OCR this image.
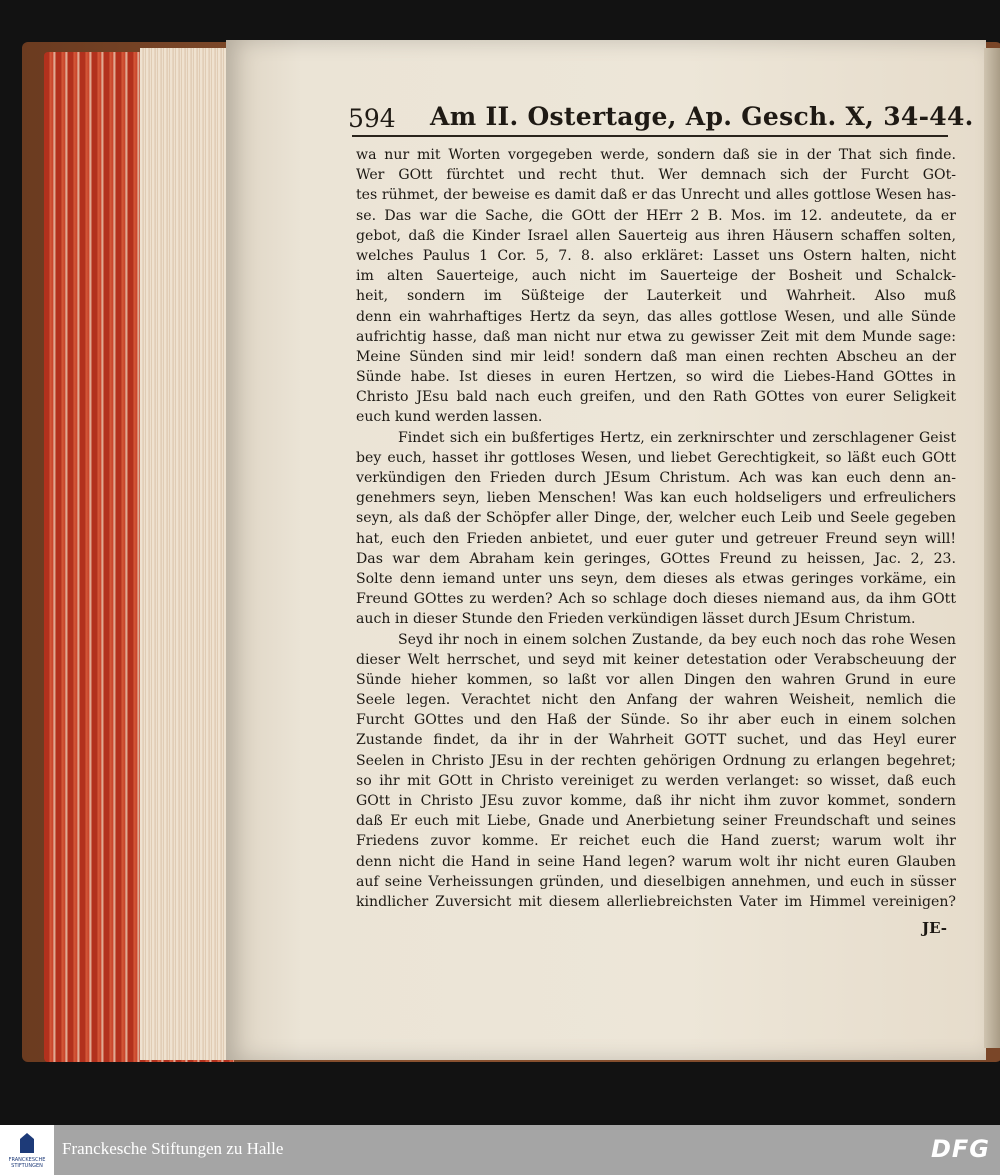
594 Am II. Ostertage, Ap. Gesch. X, 34-44.
wa nur mit Worten vorgegeben werde, sondern daß sie in der That sich finde.
Wer GOtt fürchtet und recht thut. Wer demnach sich der Furcht GOt-
tes rühmet, der beweise es damit daß er das Unrecht und alles gottlose Wesen has-
se. Das war die Sache, die GOtt der HErr 2 B. Mos. im 12. andeutete, da er
gebot, daß die Kinder Israel allen Sauerteig aus ihren Häusern schaffen solten,
welches Paulus 1 Cor. 5, 7. 8. also erkläret: Lasset uns Ostern halten, nicht
im alten Sauerteige, auch nicht im Sauerteige der Bosheit und Schalck-
heit, sondern im Süßteige der Lauterkeit und Wahrheit. Also muß
denn ein wahrhaftiges Hertz da seyn, das alles gottlose Wesen, und alle Sünde
aufrichtig hasse, daß man nicht nur etwa zu gewisser Zeit mit dem Munde sage:
Meine Sünden sind mir leid! sondern daß man einen rechten Abscheu an der
Sünde habe. Ist dieses in euren Hertzen, so wird die Liebes-Hand GOttes in
Christo JEsu bald nach euch greifen, und den Rath GOttes von eurer Seligkeit
euch kund werden lassen.
Findet sich ein bußfertiges Hertz, ein zerknirschter und zerschlagener Geist
bey euch, hasset ihr gottloses Wesen, und liebet Gerechtigkeit, so läßt euch GOtt
verkündigen den Frieden durch JEsum Christum. Ach was kan euch denn an-
genehmers seyn, lieben Menschen! Was kan euch holdseligers und erfreulichers
seyn, als daß der Schöpfer aller Dinge, der, welcher euch Leib und Seele gegeben
hat, euch den Frieden anbietet, und euer guter und getreuer Freund seyn will!
Das war dem Abraham kein geringes, GOttes Freund zu heissen, Jac. 2, 23.
Solte denn iemand unter uns seyn, dem dieses als etwas geringes vorkäme, ein
Freund GOttes zu werden? Ach so schlage doch dieses niemand aus, da ihm GOtt
auch in dieser Stunde den Frieden verkündigen lässet durch JEsum Christum.
Seyd ihr noch in einem solchen Zustande, da bey euch noch das rohe Wesen
dieser Welt herrschet, und seyd mit keiner detestation oder Verabscheuung der
Sünde hieher kommen, so laßt vor allen Dingen den wahren Grund in eure
Seele legen. Verachtet nicht den Anfang der wahren Weisheit, nemlich die
Furcht GOttes und den Haß der Sünde. So ihr aber euch in einem solchen
Zustande findet, da ihr in der Wahrheit GOTT suchet, und das Heyl eurer
Seelen in Christo JEsu in der rechten gehörigen Ordnung zu erlangen begehret;
so ihr mit GOtt in Christo vereiniget zu werden verlanget: so wisset, daß euch
GOtt in Christo JEsu zuvor komme, daß ihr nicht ihm zuvor kommet, sondern
daß Er euch mit Liebe, Gnade und Anerbietung seiner Freundschaft und seines
Friedens zuvor komme. Er reichet euch die Hand zuerst; warum wolt ihr
denn nicht die Hand in seine Hand legen? warum wolt ihr nicht euren Glauben
auf seine Verheissungen gründen, und dieselbigen annehmen, und euch in süsser
kindlicher Zuversicht mit diesem allerliebreichsten Vater im Himmel vereinigen?
JE-
FRANCKESCHE STIFTUNGEN
Franckesche Stiftungen zu Halle	DFG
